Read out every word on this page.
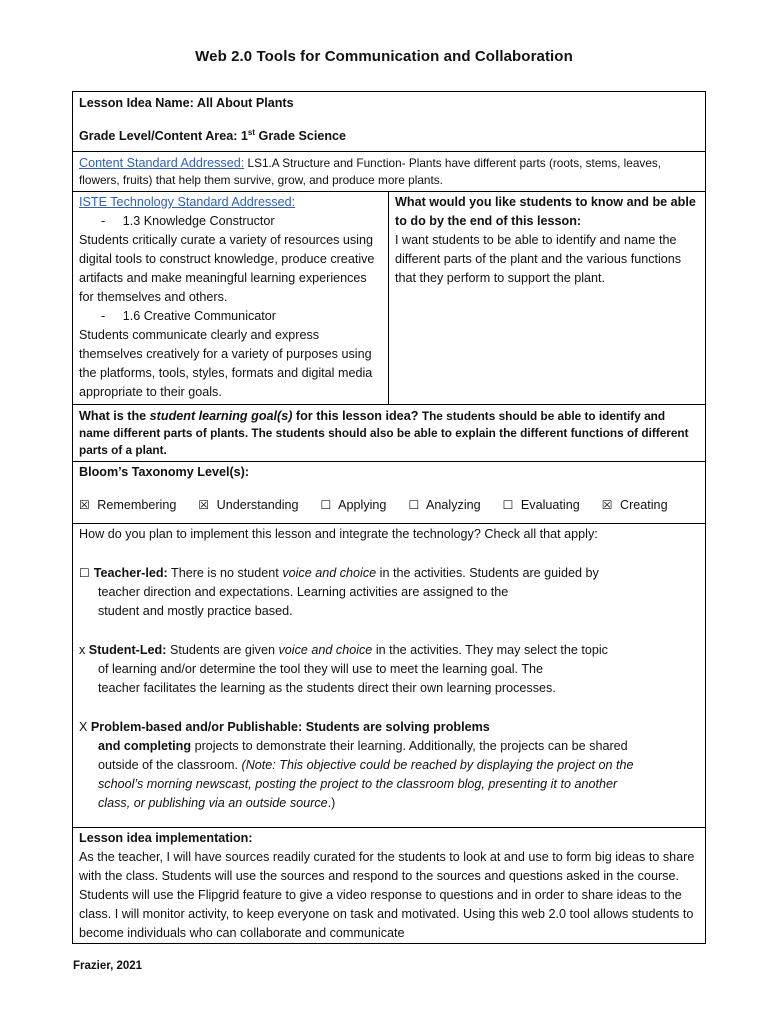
Web 2.0 Tools for Communication and Collaboration

Lesson Idea Name: All About Plants

Grade Level/Content Area: 1st Grade Science

Content Standard Addressed: LS1.A Structure and Function- Plants have different parts (roots, stems, leaves, flowers, fruits) that help them survive, grow, and produce more plants.

ISTE Technology Standard Addressed:

- 1.3 Knowledge Constructor

Students critically curate a variety of resources using digital tools to construct knowledge, produce creative artifacts and make meaningful learning experiences for themselves and others.

- 1.6 Creative Communicator

Students communicate clearly and express themselves creatively for a variety of purposes using the platforms, tools, styles, formats and digital media appropriate to their goals.

What would you like students to know and be able to do by the end of this lesson:

I want students to be able to identify and name the different parts of the plant and the various functions that they perform to support the plant.

What is the student learning goal(s) for this lesson idea? The students should be able to identify and name different parts of plants. The students should also be able to explain the different functions of different parts of a plant.

Bloom’s Taxonomy Level(s):

☒ Remembering ☒ Understanding ☐ Applying ☐ Analyzing ☐ Evaluating ☒ Creating

How do you plan to implement this lesson and integrate the technology? Check all that apply:

☐ Teacher-led: There is no student voice and choice in the activities. Students are guided by

teacher direction and expectations. Learning activities are assigned to the

student and mostly practice based.

x Student-Led: Students are given voice and choice in the activities. They may select the topic

of learning and/or determine the tool they will use to meet the learning goal. The

teacher facilitates the learning as the students direct their own learning processes.

X Problem-based and/or Publishable: Students are solving problems

and completing projects to demonstrate their learning. Additionally, the projects can be shared

outside of the classroom. (Note: This objective could be reached by displaying the project on the

school’s morning newscast, posting the project to the classroom blog, presenting it to another

class, or publishing via an outside source.)

Lesson idea implementation:

As the teacher, I will have sources readily curated for the students to look at and use to form big ideas to share with the class. Students will use the sources and respond to the sources and questions asked in the course. Students will use the Flipgrid feature to give a video response to questions and in order to share ideas to the class. I will monitor activity, to keep everyone on task and motivated. Using this web 2.0 tool allows students to become individuals who can collaborate and communicate

Frazier, 2021
